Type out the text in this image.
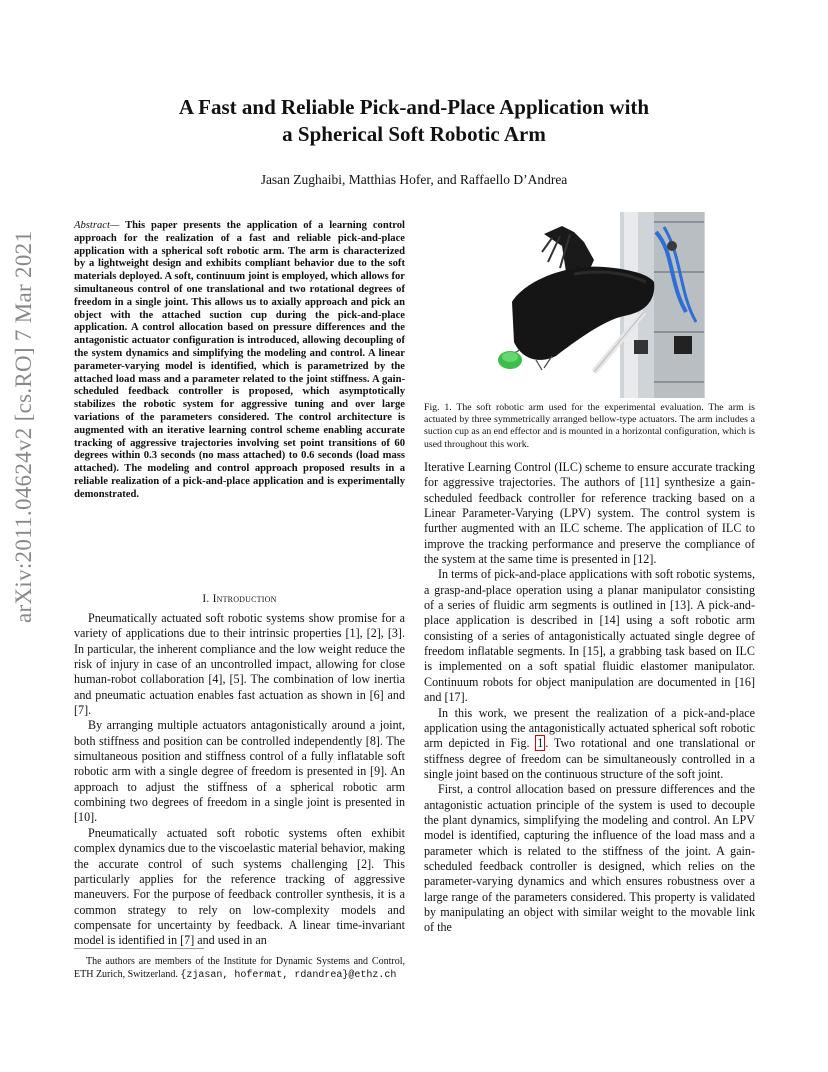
arXiv:2011.04624v2 [cs.RO] 7 Mar 2021
A Fast and Reliable Pick-and-Place Application with
a Spherical Soft Robotic Arm
Jasan Zughaibi, Matthias Hofer, and Raffaello D’Andrea

Abstract— This paper presents the application of a learning control approach for the realization of a fast and reliable pick-and-place application with a spherical soft robotic arm. The arm is characterized by a lightweight design and exhibits compliant behavior due to the soft materials deployed. A soft, continuum joint is employed, which allows for simultaneous control of one translational and two rotational degrees of freedom in a single joint. This allows us to axially approach and pick an object with the attached suction cup during the pick-and-place application. A control allocation based on pressure differences and the antagonistic actuator configuration is introduced, allowing decoupling of the system dynamics and simplifying the modeling and control. A linear parameter-varying model is identified, which is parametrized by the attached load mass and a parameter related to the joint stiffness. A gain-scheduled feedback controller is proposed, which asymptotically stabilizes the robotic system for aggressive tuning and over large variations of the parameters considered. The control architecture is augmented with an iterative learning control scheme enabling accurate tracking of aggressive trajectories involving set point transitions of 60 degrees within 0.3 seconds (no mass attached) to 0.6 seconds (load mass attached). The modeling and control approach proposed results in a reliable realization of a pick-and-place application and is experimentally demonstrated.

I. Introduction

Pneumatically actuated soft robotic systems show promise for a variety of applications due to their intrinsic properties [1], [2], [3]. In particular, the inherent compliance and the low weight reduce the risk of injury in case of an uncontrolled impact, allowing for close human-robot collaboration [4], [5]. The combination of low inertia and pneumatic actuation enables fast actuation as shown in [6] and [7].

By arranging multiple actuators antagonistically around a joint, both stiffness and position can be controlled independently [8]. The simultaneous position and stiffness control of a fully inflatable soft robotic arm with a single degree of freedom is presented in [9]. An approach to adjust the stiffness of a spherical robotic arm combining two degrees of freedom in a single joint is presented in [10].

Pneumatically actuated soft robotic systems often exhibit complex dynamics due to the viscoelastic material behavior, making the accurate control of such systems challenging [2]. This particularly applies for the reference tracking of aggressive maneuvers. For the purpose of feedback controller synthesis, it is a common strategy to rely on low-complexity models and compensate for uncertainty by feedback. A linear time-invariant model is identified in [7] and used in an

The authors are members of the Institute for Dynamic Systems and Control, ETH Zurich, Switzerland. {zjasan, hofermat, rdandrea}@ethz.ch
Fig. 1. The soft robotic arm used for the experimental evaluation. The arm is actuated by three symmetrically arranged bellow-type actuators. The arm includes a suction cup as an end effector and is mounted in a horizontal configuration, which is used throughout this work.

Iterative Learning Control (ILC) scheme to ensure accurate tracking for aggressive trajectories. The authors of [11] synthesize a gain-scheduled feedback controller for reference tracking based on a Linear Parameter-Varying (LPV) system. The control system is further augmented with an ILC scheme. The application of ILC to improve the tracking performance and preserve the compliance of the system at the same time is presented in [12].

In terms of pick-and-place applications with soft robotic systems, a grasp-and-place operation using a planar manipulator consisting of a series of fluidic arm segments is outlined in [13]. A pick-and-place application is described in [14] using a soft robotic arm consisting of a series of antagonistically actuated single degree of freedom inflatable segments. In [15], a grabbing task based on ILC is implemented on a soft spatial fluidic elastomer manipulator. Continuum robots for object manipulation are documented in [16] and [17].

In this work, we present the realization of a pick-and-place application using the antagonistically actuated spherical soft robotic arm depicted in Fig. 1 . Two rotational and one translational or stiffness degree of freedom can be simultaneously controlled in a single joint based on the continuous structure of the soft joint.

First, a control allocation based on pressure differences and the antagonistic actuation principle of the system is used to decouple the plant dynamics, simplifying the modeling and control. An LPV model is identified, capturing the influence of the load mass and a parameter which is related to the stiffness of the joint. A gain-scheduled feedback controller is designed, which relies on the parameter-varying dynamics and which ensures robustness over a large range of the parameters considered. This property is validated by manipulating an object with similar weight to the movable link of the
